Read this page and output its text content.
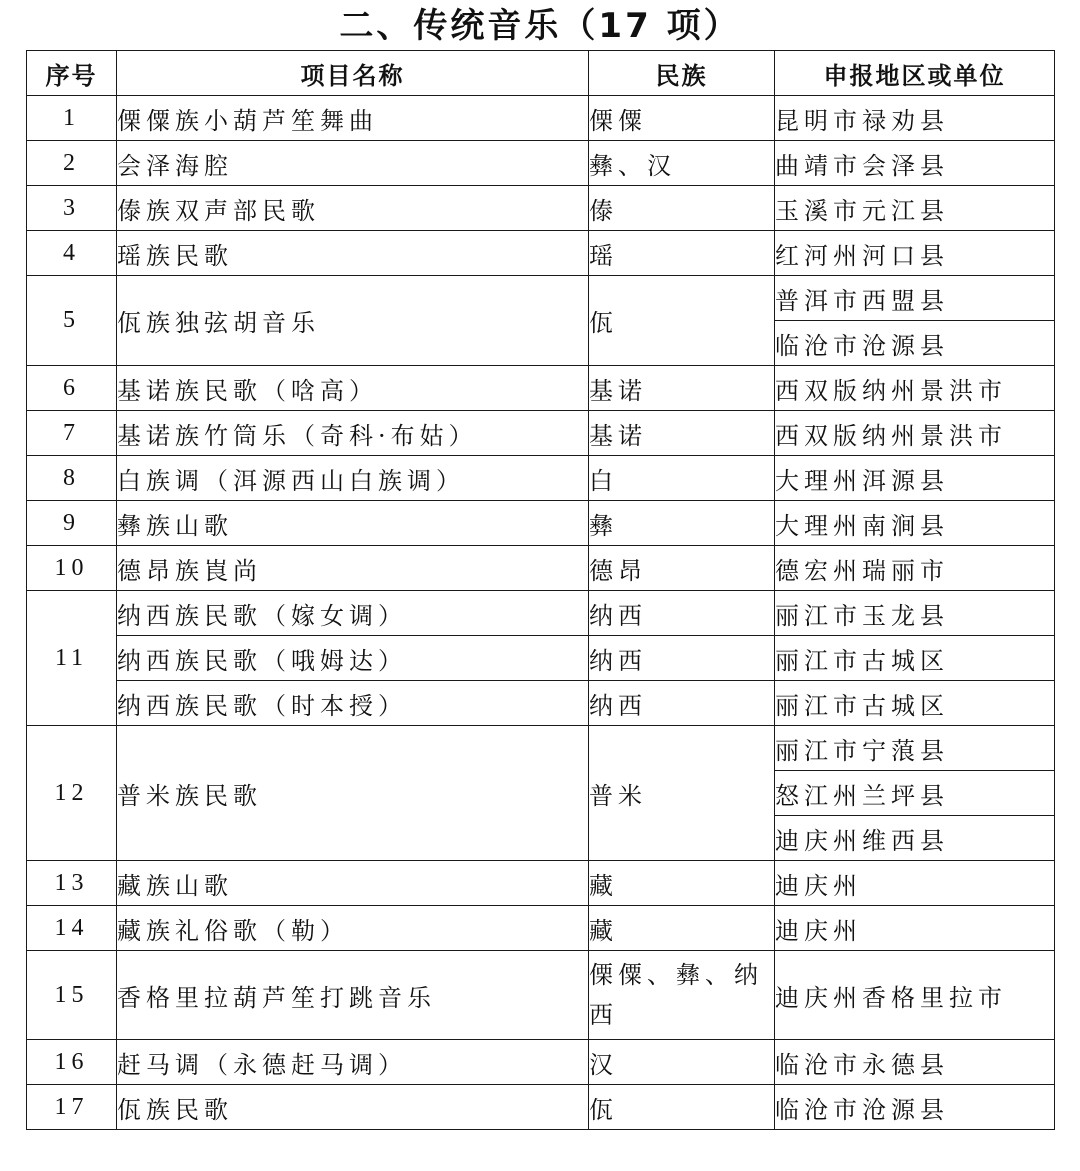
二、传统音乐（17 项）
序号	项目名称	民族	申报地区或单位
1	傈僳族小葫芦笙舞曲	傈僳	昆明市禄劝县
2	会泽海腔	彝、汉	曲靖市会泽县
3	傣族双声部民歌	傣	玉溪市元江县
4	瑶族民歌	瑶	红河州河口县
5	佤族独弦胡音乐	佤	普洱市西盟县
			临沧市沧源县
6	基诺族民歌（唅高）	基诺	西双版纳州景洪市
7	基诺族竹筒乐（奇科·布姑）	基诺	西双版纳州景洪市
8	白族调（洱源西山白族调）	白	大理州洱源县
9	彝族山歌	彝	大理州南涧县
10	德昂族崀尚	德昂	德宏州瑞丽市
11	纳西族民歌（嫁女调）	纳西	丽江市玉龙县
	纳西族民歌（哦姆达）	纳西	丽江市古城区
	纳西族民歌（时本授）	纳西	丽江市古城区
12	普米族民歌	普米	丽江市宁蒗县
			怒江州兰坪县
			迪庆州维西县
13	藏族山歌	藏	迪庆州
14	藏族礼俗歌（勒）	藏	迪庆州
15	香格里拉葫芦笙打跳音乐	傈僳、彝、纳西	迪庆州香格里拉市
16	赶马调（永德赶马调）	汉	临沧市永德县
17	佤族民歌	佤	临沧市沧源县
